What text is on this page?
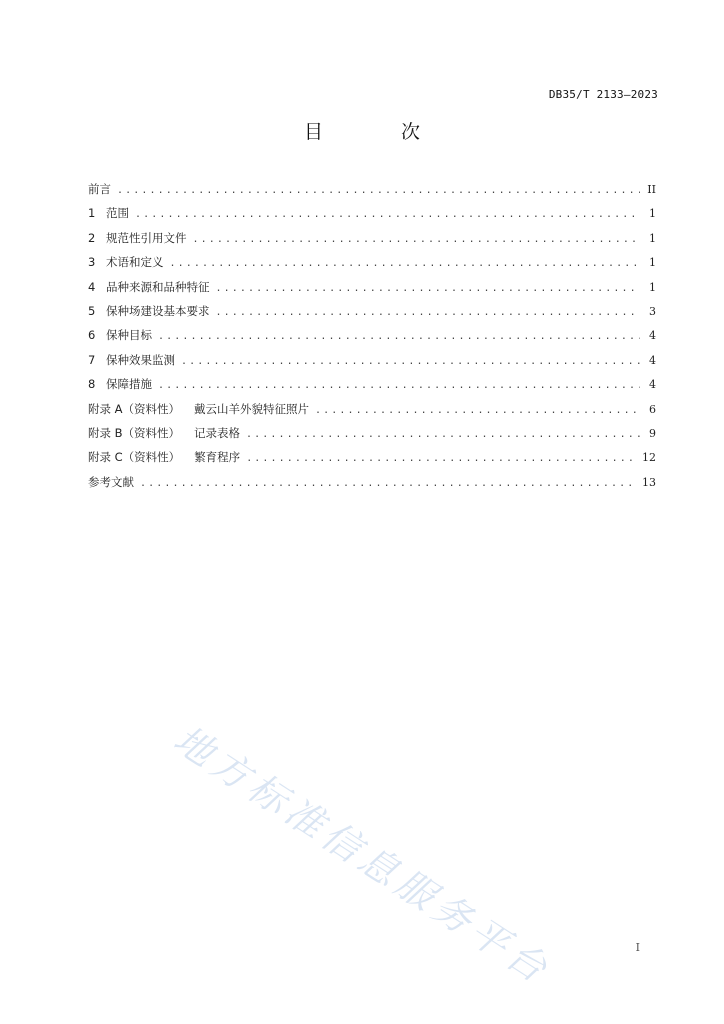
DB35/T 2133—2023
目 次
前言 .....	II
1 范围 .....	1
2 规范性引用文件 .....	1
3 术语和定义 .....	1
4 品种来源和品种特征 .....	1
5 保种场建设基本要求 .....	3
6 保种目标 .....	4
7 保种效果监测 .....	4
8 保障措施 .....	4
附录 A（资料性） 戴云山羊外貌特征照片 .....	6
附录 B（资料性） 记录表格 .....	9
附录 C（资料性） 繁育程序 .....	12
参考文献 .....	13
地方标准信息服务平台	I
